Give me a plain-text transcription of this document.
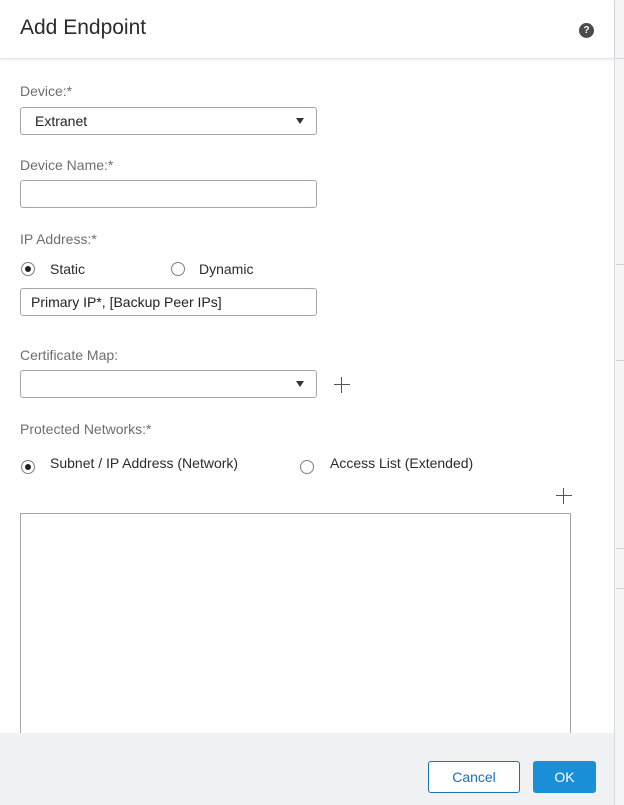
Add Endpoint	?
Device:*
Extranet
Device Name:*
IP Address:*
Static	Dynamic
Primary IP*, [Backup Peer IPs]
Certificate Map:
Protected Networks:*
Subnet / IP Address (Network)	Access List (Extended)
Cancel	OK
